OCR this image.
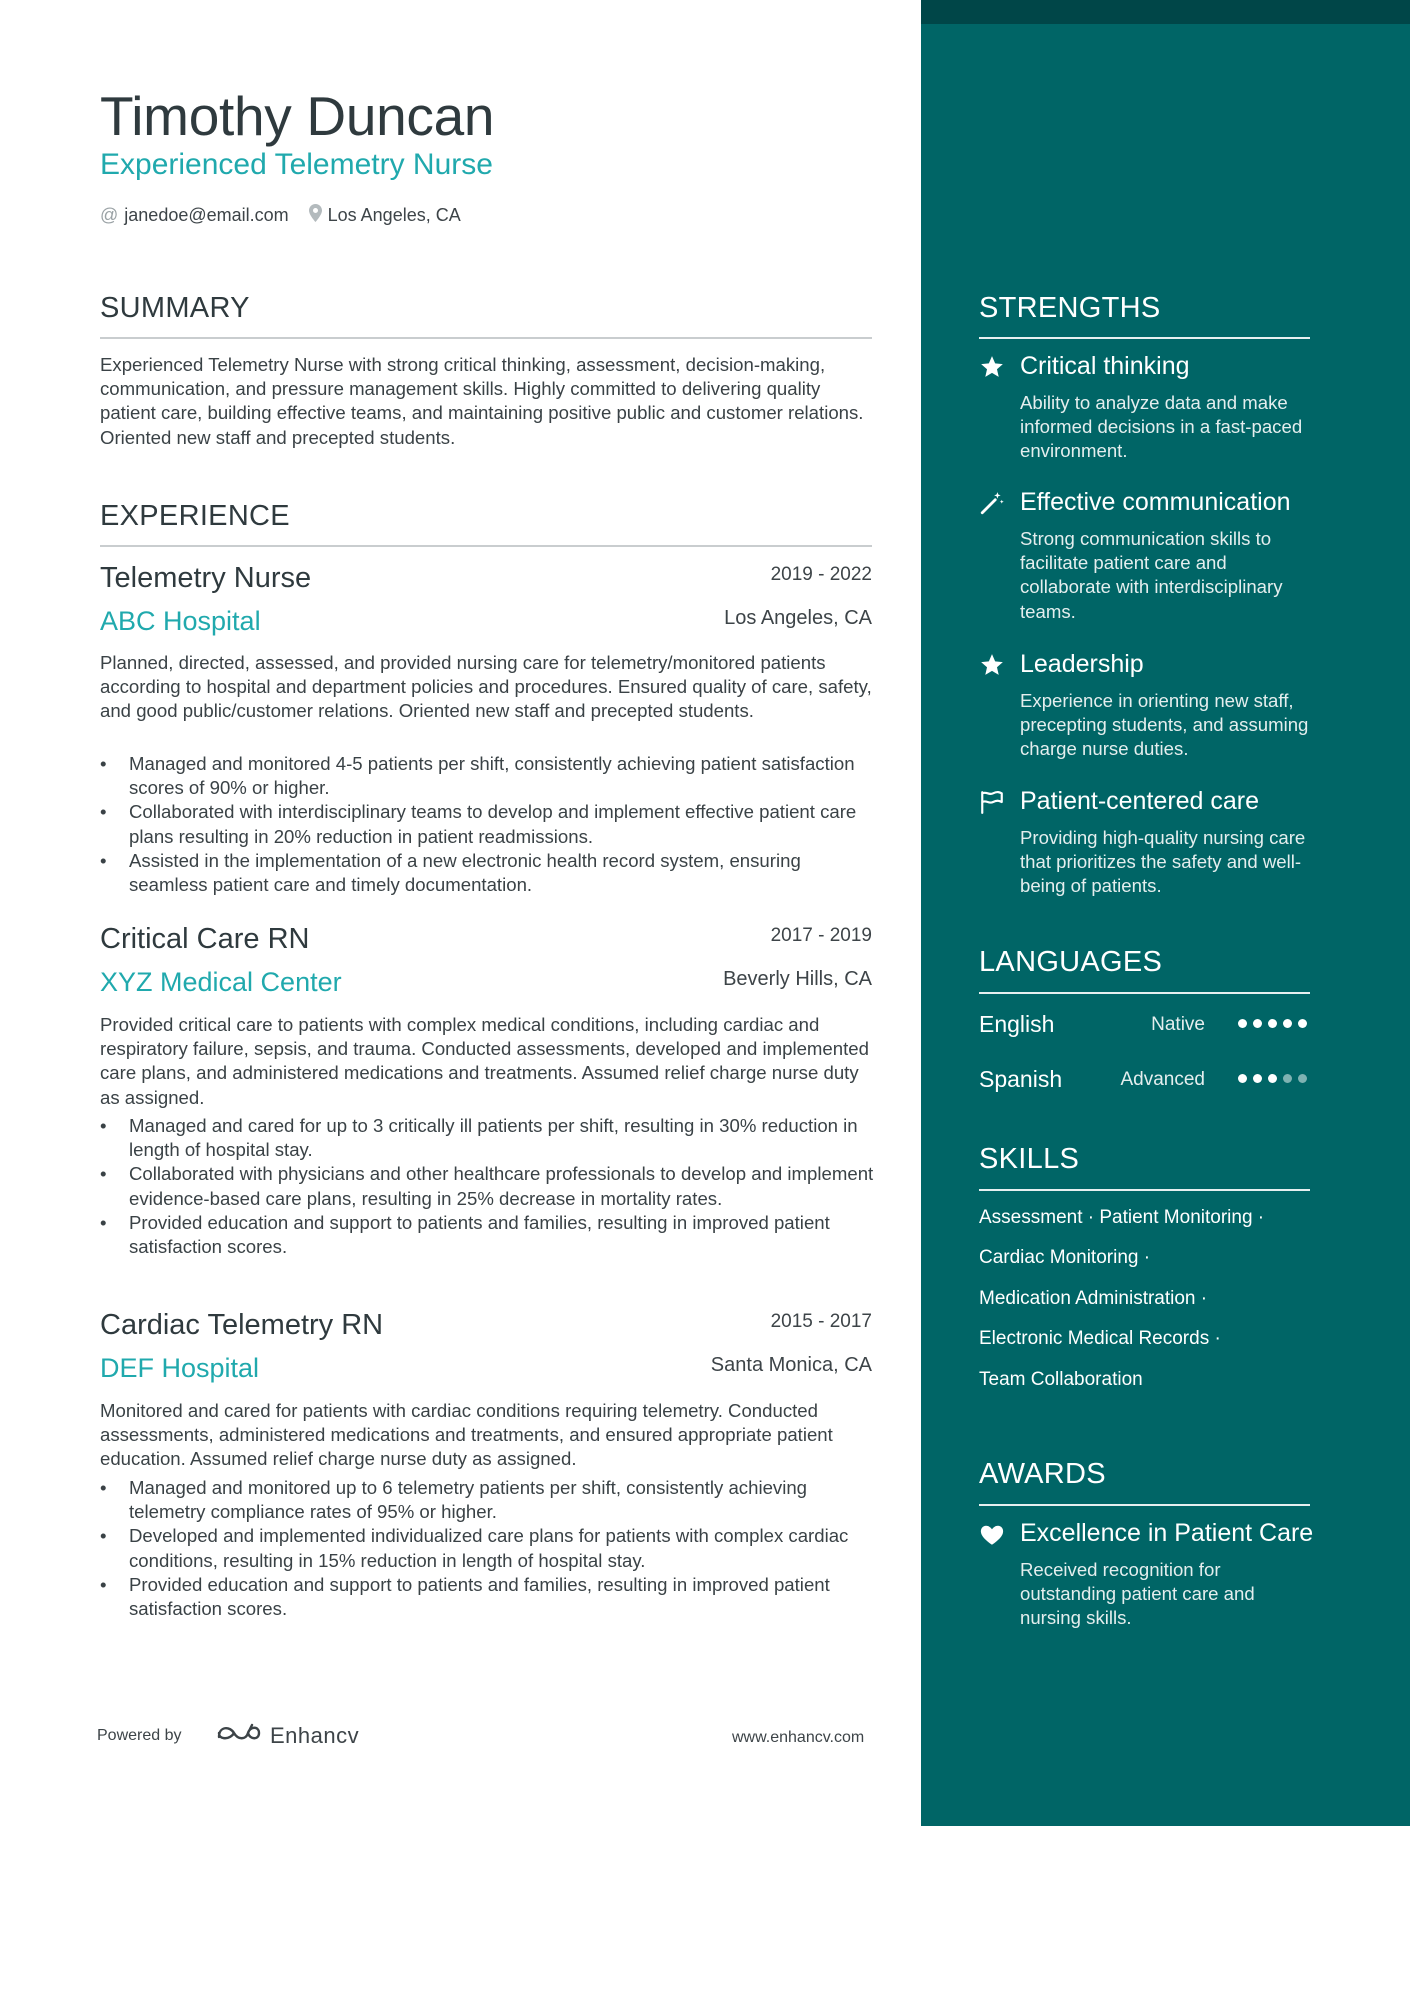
Timothy Duncan
Experienced Telemetry Nurse
@ janedoe@email.com Los Angeles, CA
SUMMARY
Experienced Telemetry Nurse with strong critical thinking, assessment, decision-making, communication, and pressure management skills. Highly committed to delivering quality patient care, building effective teams, and maintaining positive public and customer relations. Oriented new staff and precepted students.
EXPERIENCE
Telemetry Nurse	2019 - 2022
ABC Hospital	Los Angeles, CA
Planned, directed, assessed, and provided nursing care for telemetry/monitored patients according to hospital and department policies and procedures. Ensured quality of care, safety, and good public/customer relations. Oriented new staff and precepted students.
• Managed and monitored 4-5 patients per shift, consistently achieving patient satisfaction scores of 90% or higher.
• Collaborated with interdisciplinary teams to develop and implement effective patient care plans resulting in 20% reduction in patient readmissions.
• Assisted in the implementation of a new electronic health record system, ensuring seamless patient care and timely documentation.
Critical Care RN	2017 - 2019
XYZ Medical Center	Beverly Hills, CA
Provided critical care to patients with complex medical conditions, including cardiac and respiratory failure, sepsis, and trauma. Conducted assessments, developed and implemented care plans, and administered medications and treatments. Assumed relief charge nurse duty as assigned.
• Managed and cared for up to 3 critically ill patients per shift, resulting in 30% reduction in length of hospital stay.
• Collaborated with physicians and other healthcare professionals to develop and implement evidence-based care plans, resulting in 25% decrease in mortality rates.
• Provided education and support to patients and families, resulting in improved patient satisfaction scores.
Cardiac Telemetry RN	2015 - 2017
DEF Hospital	Santa Monica, CA
Monitored and cared for patients with cardiac conditions requiring telemetry. Conducted assessments, administered medications and treatments, and ensured appropriate patient education. Assumed relief charge nurse duty as assigned.
• Managed and monitored up to 6 telemetry patients per shift, consistently achieving telemetry compliance rates of 95% or higher.
• Developed and implemented individualized care plans for patients with complex cardiac conditions, resulting in 15% reduction in length of hospital stay.
• Provided education and support to patients and families, resulting in improved patient satisfaction scores.
Powered by	Enhancv	www.enhancv.com
STRENGTHS
Critical thinking
Ability to analyze data and make informed decisions in a fast-paced environment.
Effective communication
Strong communication skills to facilitate patient care and collaborate with interdisciplinary teams.
Leadership
Experience in orienting new staff, precepting students, and assuming charge nurse duties.
Patient-centered care
Providing high-quality nursing care that prioritizes the safety and well-being of patients.
LANGUAGES
English	Native
Spanish	Advanced
SKILLS
Assessment · Patient Monitoring ·
Cardiac Monitoring ·
Medication Administration ·
Electronic Medical Records ·
Team Collaboration
AWARDS
Excellence in Patient Care
Received recognition for outstanding patient care and nursing skills.
